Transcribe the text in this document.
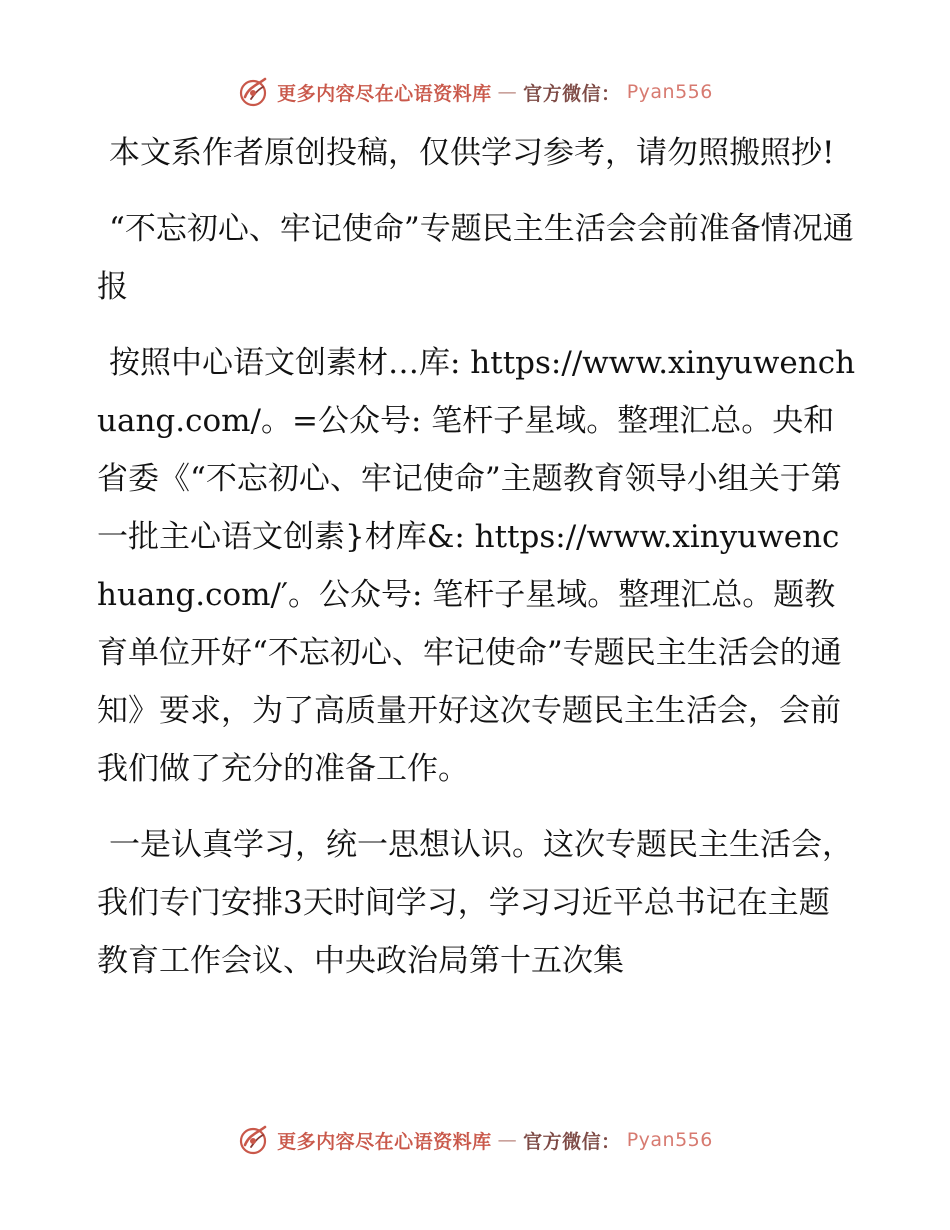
更多内容尽在心语资料库 — 官方微信： Pyan556

本文系作者原创投稿，仅供学习参考，请勿照搬照抄!

“不忘初心、牢记使命”专题民主生活会会前准备情况通报

按照中心语文创素材…库: https://www.xinyuwenchuang.com/。=公众号: 笔杆子星域。整理汇总。央和省委《“不忘初心、牢记使命”主题教育领导小组关于第一批主心语文创素}材库&: https://www.xinyuwenchuang.com/′。公众号: 笔杆子星域。整理汇总。题教育单位开好“不忘初心、牢记使命”专题民主生活会的通知》要求，为了高质量开好这次专题民主生活会，会前我们做了充分的准备工作。

一是认真学习，统一思想认识。这次专题民主生活会，我们专门安排3天时间学习，学习习近平总书记在主题教育工作会议、中央政治局第十五次集

更多内容尽在心语资料库 — 官方微信： Pyan556
